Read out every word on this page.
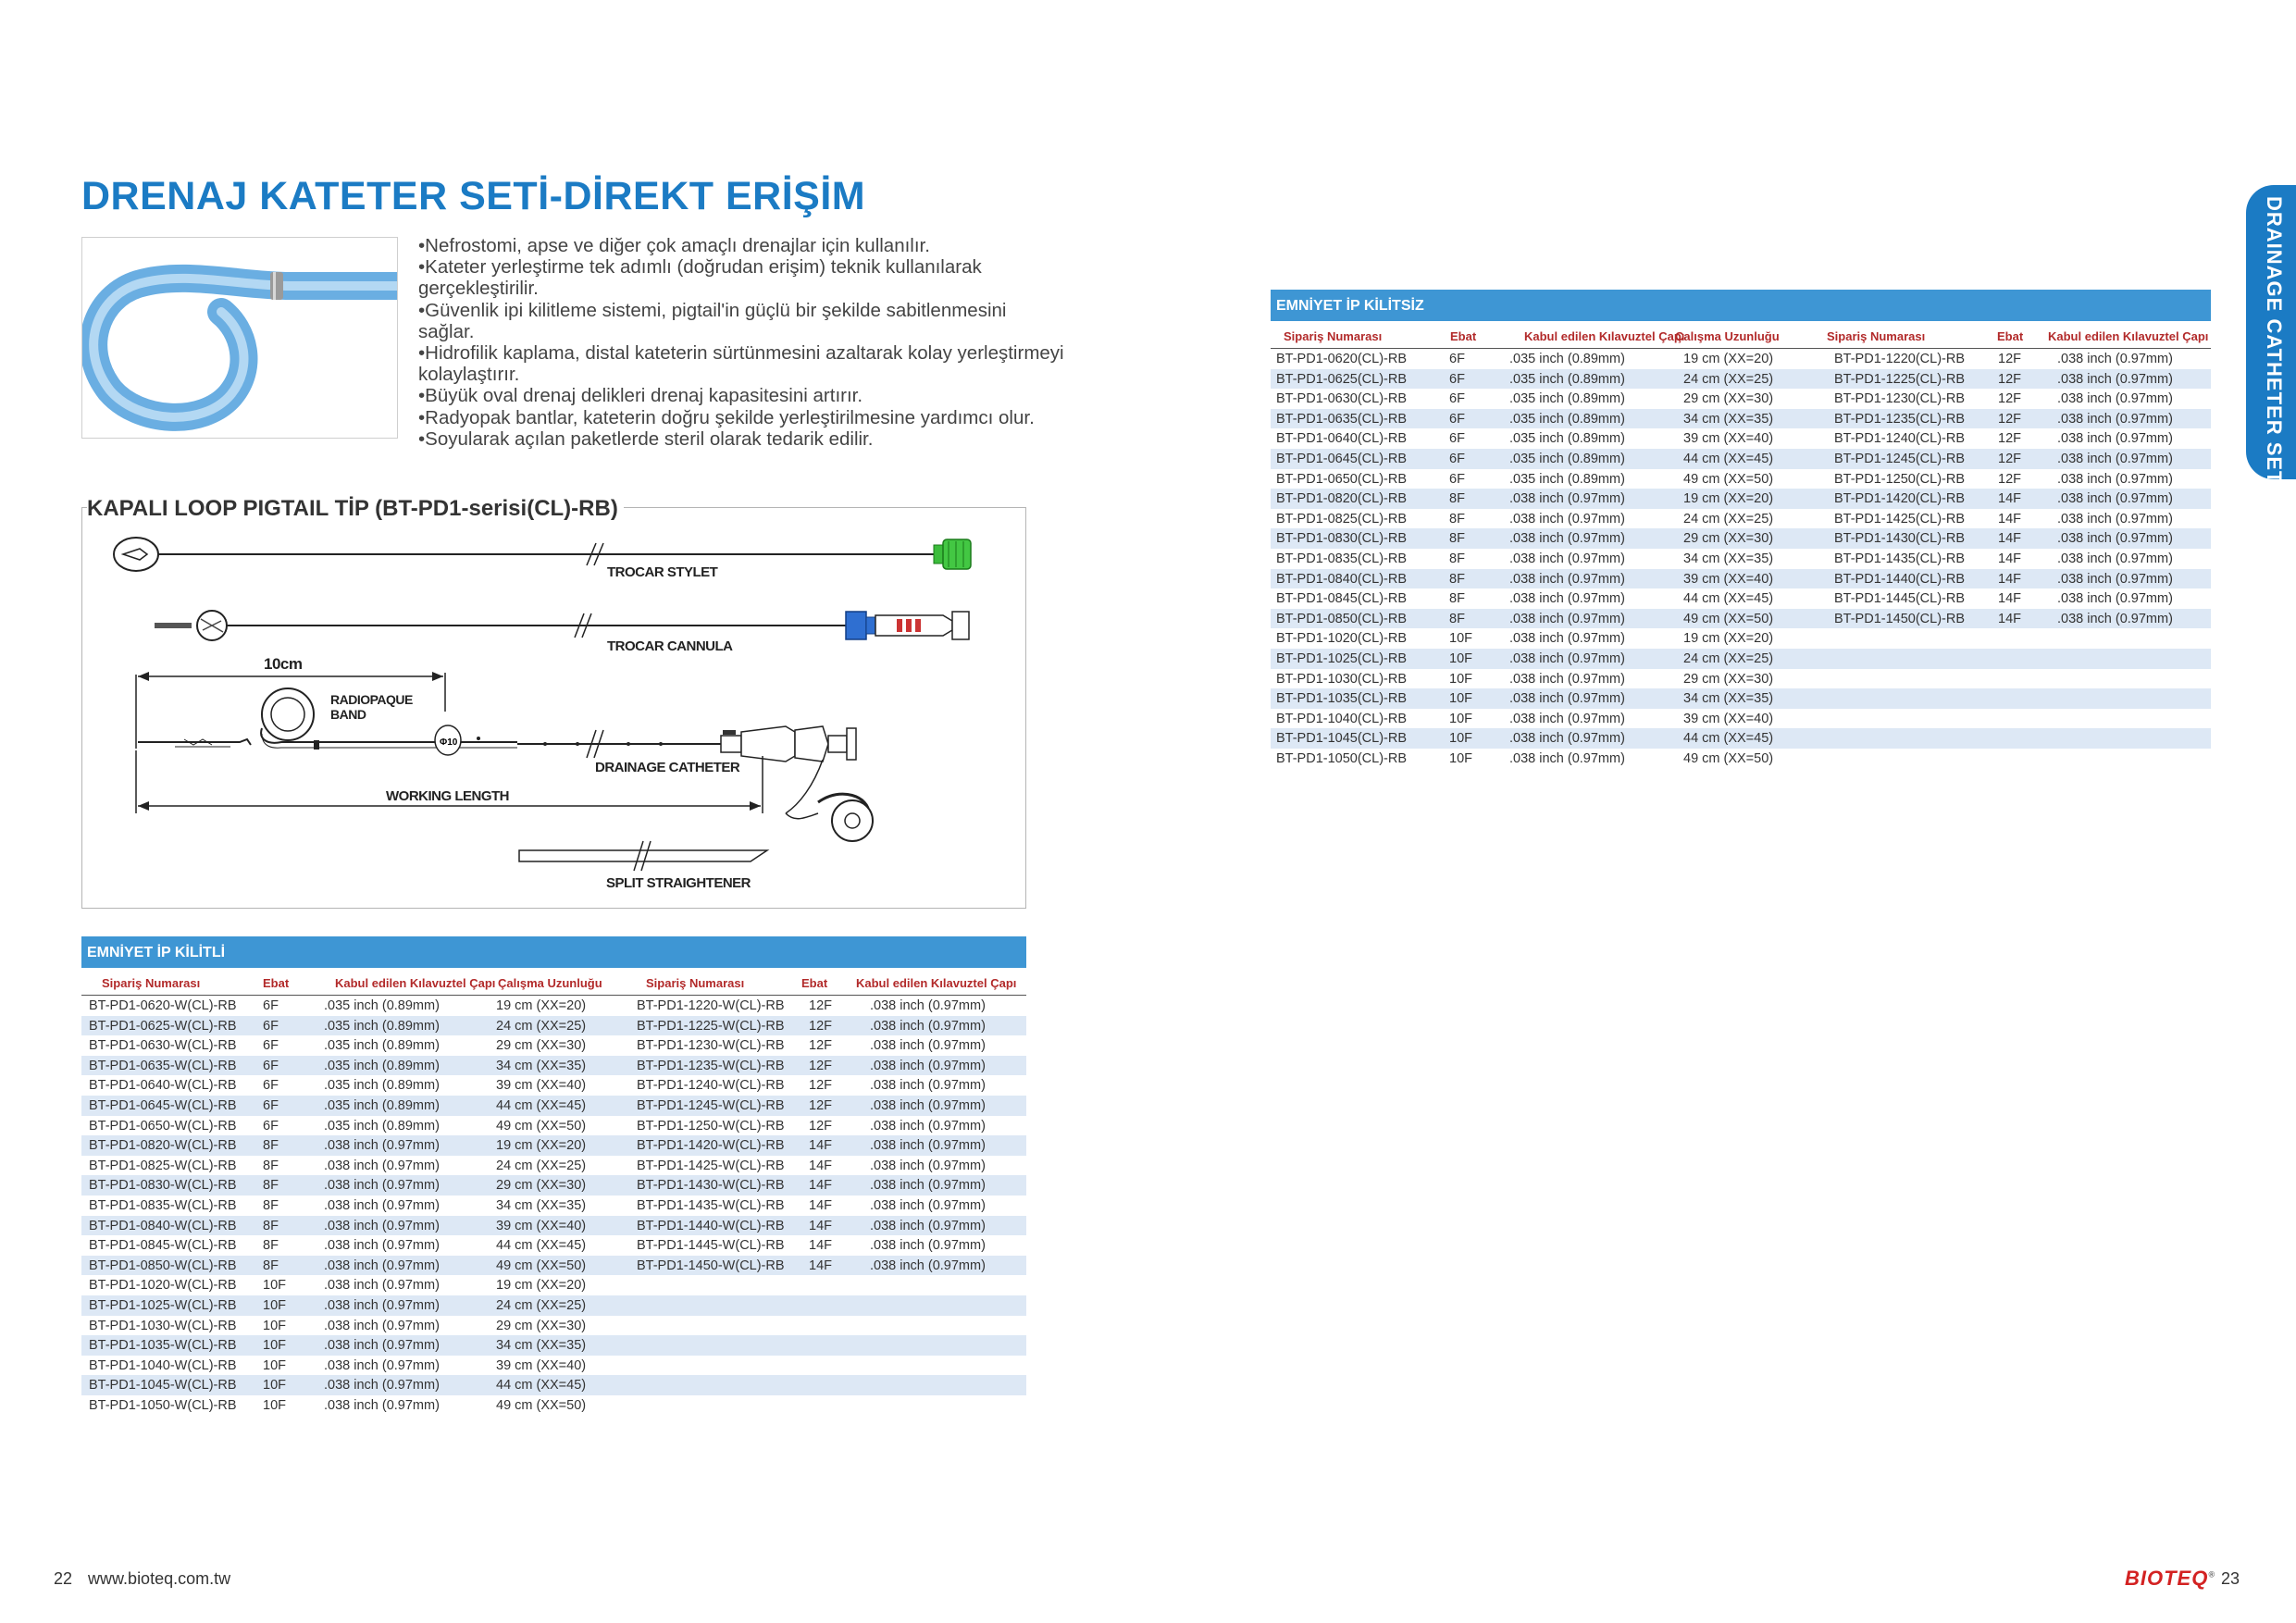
DRENAJ KATETER SETİ-DİREKT ERİŞİM
•Nefrostomi, apse ve diğer çok amaçlı drenajlar için kullanılır.
•Kateter yerleştirme tek adımlı (doğrudan erişim) teknik kullanılarak gerçekleştirilir.
•Güvenlik ipi kilitleme sistemi, pigtail'in güçlü bir şekilde sabitlenmesini sağlar.
•Hidrofilik kaplama, distal kateterin sürtünmesini azaltarak kolay yerleştirmeyi kolaylaştırır.
•Büyük oval drenaj delikleri drenaj kapasitesini artırır.
•Radyopak bantlar, kateterin doğru şekilde yerleştirilmesine yardımcı olur.
•Soyularak açılan paketlerde steril olarak tedarik edilir.
TROCAR STYLET
TROCAR CANNULA
10cm
Φ10
DRAINAGE CATHETER
RADIOPAQUE
BAND
WORKING LENGTH
SPLIT STRAIGHTENER
KAPALI LOOP PIGTAIL TİP (BT-PD1-serisi(CL)-RB)
EMNİYET İP KİLİTLİ
Sipariş Numarası	Ebat	Kabul edilen Kılavuztel Çapı Çalışma Uzunluğu	Sipariş Numarası	Ebat Kabul edilen Kılavuztel Çapı
BT-PD1-0620-W(CL)-RB 6F	.035 inch (0.89mm)	19 cm (XX=20)	BT-PD1-1220-W(CL)-RB 12F	.038 inch (0.97mm)
BT-PD1-0625-W(CL)-RB 6F	.035 inch (0.89mm)	24 cm (XX=25)	BT-PD1-1225-W(CL)-RB 12F	.038 inch (0.97mm)
BT-PD1-0630-W(CL)-RB 6F	.035 inch (0.89mm)	29 cm (XX=30)	BT-PD1-1230-W(CL)-RB 12F	.038 inch (0.97mm)
BT-PD1-0635-W(CL)-RB 6F	.035 inch (0.89mm)	34 cm (XX=35)	BT-PD1-1235-W(CL)-RB 12F	.038 inch (0.97mm)
BT-PD1-0640-W(CL)-RB 6F	.035 inch (0.89mm)	39 cm (XX=40)	BT-PD1-1240-W(CL)-RB 12F	.038 inch (0.97mm)
BT-PD1-0645-W(CL)-RB 6F	.035 inch (0.89mm)	44 cm (XX=45)	BT-PD1-1245-W(CL)-RB 12F	.038 inch (0.97mm)
BT-PD1-0650-W(CL)-RB 6F	.035 inch (0.89mm)	49 cm (XX=50)	BT-PD1-1250-W(CL)-RB 12F	.038 inch (0.97mm)
BT-PD1-0820-W(CL)-RB 8F	.038 inch (0.97mm)	19 cm (XX=20)	BT-PD1-1420-W(CL)-RB 14F	.038 inch (0.97mm)
BT-PD1-0825-W(CL)-RB 8F	.038 inch (0.97mm)	24 cm (XX=25)	BT-PD1-1425-W(CL)-RB 14F	.038 inch (0.97mm)
BT-PD1-0830-W(CL)-RB 8F	.038 inch (0.97mm)	29 cm (XX=30)	BT-PD1-1430-W(CL)-RB 14F	.038 inch (0.97mm)
BT-PD1-0835-W(CL)-RB 8F	.038 inch (0.97mm)	34 cm (XX=35)	BT-PD1-1435-W(CL)-RB 14F	.038 inch (0.97mm)
BT-PD1-0840-W(CL)-RB 8F	.038 inch (0.97mm)	39 cm (XX=40)	BT-PD1-1440-W(CL)-RB 14F	.038 inch (0.97mm)
BT-PD1-0845-W(CL)-RB 8F	.038 inch (0.97mm)	44 cm (XX=45)	BT-PD1-1445-W(CL)-RB 14F	.038 inch (0.97mm)
BT-PD1-0850-W(CL)-RB 8F	.038 inch (0.97mm)	49 cm (XX=50)	BT-PD1-1450-W(CL)-RB 14F	.038 inch (0.97mm)
BT-PD1-1020-W(CL)-RB 10F	.038 inch (0.97mm)	19 cm (XX=20)
BT-PD1-1025-W(CL)-RB 10F	.038 inch (0.97mm)	24 cm (XX=25)
BT-PD1-1030-W(CL)-RB 10F	.038 inch (0.97mm)	29 cm (XX=30)
BT-PD1-1035-W(CL)-RB 10F	.038 inch (0.97mm)	34 cm (XX=35)
BT-PD1-1040-W(CL)-RB 10F	.038 inch (0.97mm)	39 cm (XX=40)
BT-PD1-1045-W(CL)-RB 10F	.038 inch (0.97mm)	44 cm (XX=45)
BT-PD1-1050-W(CL)-RB 10F	.038 inch (0.97mm)	49 cm (XX=50)
EMNİYET İP KİLİTSİZ
Sipariş Numarası	Ebat	Kabul edilen Kılavuztel Çapı
Çalışma Uzunluğu	Sipariş Numarası	Ebat Kabul edilen Kılavuztel Çapı
BT-PD1-0620(CL)-RB	6F	.035 inch (0.89mm)	19 cm (XX=20)	BT-PD1-1220(CL)-RB 12F	.038 inch (0.97mm)
BT-PD1-0625(CL)-RB	6F	.035 inch (0.89mm)	24 cm (XX=25)	BT-PD1-1225(CL)-RB 12F	.038 inch (0.97mm)
BT-PD1-0630(CL)-RB	6F	.035 inch (0.89mm)	29 cm (XX=30)	BT-PD1-1230(CL)-RB 12F	.038 inch (0.97mm)
BT-PD1-0635(CL)-RB	6F	.035 inch (0.89mm)	34 cm (XX=35)	BT-PD1-1235(CL)-RB 12F	.038 inch (0.97mm)
BT-PD1-0640(CL)-RB	6F	.035 inch (0.89mm)	39 cm (XX=40)	BT-PD1-1240(CL)-RB 12F	.038 inch (0.97mm)
BT-PD1-0645(CL)-RB	6F	.035 inch (0.89mm)	44 cm (XX=45)	BT-PD1-1245(CL)-RB 12F	.038 inch (0.97mm)
BT-PD1-0650(CL)-RB	6F	.035 inch (0.89mm)	49 cm (XX=50)	BT-PD1-1250(CL)-RB 12F	.038 inch (0.97mm)
BT-PD1-0820(CL)-RB	8F	.038 inch (0.97mm)	19 cm (XX=20)	BT-PD1-1420(CL)-RB 14F	.038 inch (0.97mm)
BT-PD1-0825(CL)-RB	8F	.038 inch (0.97mm)	24 cm (XX=25)	BT-PD1-1425(CL)-RB 14F	.038 inch (0.97mm)
BT-PD1-0830(CL)-RB	8F	.038 inch (0.97mm)	29 cm (XX=30)	BT-PD1-1430(CL)-RB 14F	.038 inch (0.97mm)
BT-PD1-0835(CL)-RB	8F	.038 inch (0.97mm)	34 cm (XX=35)	BT-PD1-1435(CL)-RB 14F	.038 inch (0.97mm)
BT-PD1-0840(CL)-RB	8F	.038 inch (0.97mm)	39 cm (XX=40)	BT-PD1-1440(CL)-RB 14F	.038 inch (0.97mm)
BT-PD1-0845(CL)-RB	8F	.038 inch (0.97mm)	44 cm (XX=45)	BT-PD1-1445(CL)-RB 14F	.038 inch (0.97mm)
BT-PD1-0850(CL)-RB	8F	.038 inch (0.97mm)	49 cm (XX=50)	BT-PD1-1450(CL)-RB 14F	.038 inch (0.97mm)
BT-PD1-1020(CL)-RB	10F	.038 inch (0.97mm)	19 cm (XX=20)
BT-PD1-1025(CL)-RB	10F	.038 inch (0.97mm)	24 cm (XX=25)
BT-PD1-1030(CL)-RB	10F	.038 inch (0.97mm)	29 cm (XX=30)
BT-PD1-1035(CL)-RB	10F	.038 inch (0.97mm)	34 cm (XX=35)
BT-PD1-1040(CL)-RB	10F	.038 inch (0.97mm)	39 cm (XX=40)
BT-PD1-1045(CL)-RB	10F	.038 inch (0.97mm)	44 cm (XX=45)
BT-PD1-1050(CL)-RB	10F	.038 inch (0.97mm)	49 cm (XX=50)
DRAINAGE CATHETER SET
22 www.bioteq.com.tw	BIOTEQ® 23
